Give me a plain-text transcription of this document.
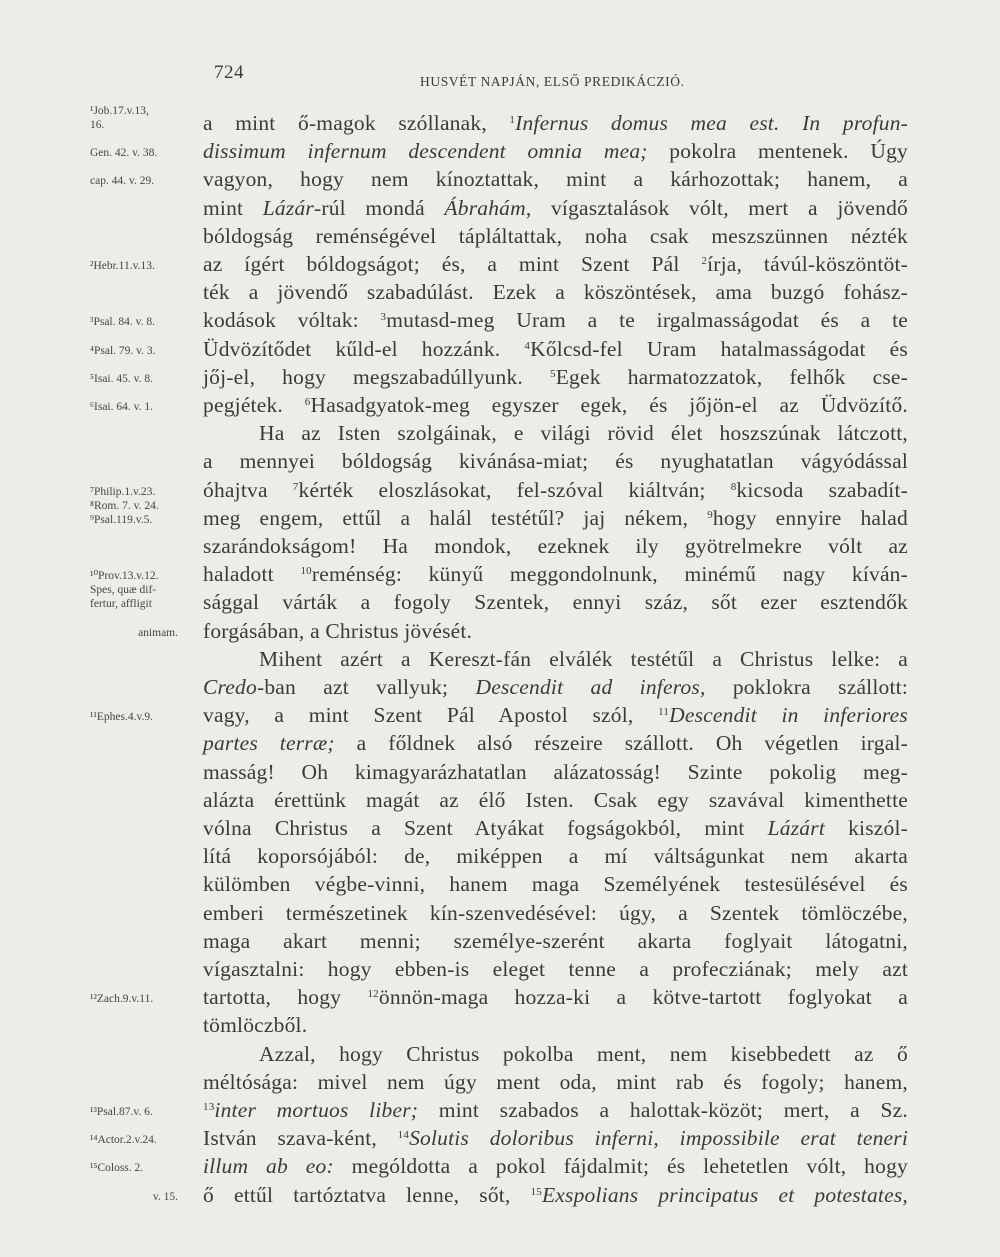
724	HUSVÉT NAPJÁN, ELSŐ PREDIKÁCZIÓ.
¹Job.17.v.13,
16.	a mint ő-magok szóllanak, $^1$Infernus domus mea est. In profun-
Gen. 42. v. 38. dissimum infernum descendent omnia mea; pokolra mentenek. Úgy
cap. 44. v. 29. vagyon, hogy nem kínoztattak, mint a kárhozottak; hanem, a
mint Lázár-rúl mondá Ábrahám, vígasztalások vólt, mert a jövendő
bóldogság reménségével tápláltattak, noha csak meszszünnen nézték
²Hebr.11.v.13. az ígért bóldogságot; és, a mint Szent Pál $^2$írja, távúl-köszöntöt-
ték a jövendő szabadúlást. Ezek a köszöntések, ama buzgó fohász-
³Psal. 84. v. 8. kodások vóltak: $^3$mutasd-meg Uram a te irgalmasságodat és a te
⁴Psal. 79. v. 3. Üdvözítődet kűld-el hozzánk. $^4$Kőlcsd-fel Uram hatalmasságodat és
⁵Isai. 45. v. 8. jőj-el, hogy megszabadúllyunk. $^5$Egek harmatozzatok, felhők cse-
⁶Isai. 64. v. 1. pegjétek. $^6$Hasadgyatok-meg egyszer egek, és jőjön-el az Üdvözítő.
Ha az Isten szolgáinak, e világi rövid élet hoszszúnak látczott,
a mennyei bóldogság kivánása-miat; és nyughatatlan vágyódással
⁷Philip.1.v.23. óhajtva $^7$kérték eloszlásokat, fel-szóval kiáltván; $^8$kicsoda szabadít-
⁸Rom. 7. v. 24.
⁹Psal.119.v.5. meg engem, ettűl a halál testétűl? jaj nékem, $^9$hogy ennyire halad
szarándokságom! Ha mondok, ezeknek ily gyötrelmekre vólt az
¹⁰Prov.13.v.12. haladott $^{10}$reménség: künyű meggondolnunk, minémű nagy kíván-
Spes, quæ dif-
fertur, affligit sággal várták a fogoly Szentek, ennyi száz, sőt ezer esztendők
animam. forgásában, a Christus jövését.
Mihent azért a Kereszt-fán elválék testétűl a Christus lelke: a
Credo-ban azt vallyuk; Descendit ad inferos, poklokra szállott:
¹¹Ephes.4.v.9. vagy, a mint Szent Pál Apostol szól, $^{11}$Descendit in inferiores
partes terræ; a főldnek alsó részeire szállott. Oh végetlen irgal-
masság! Oh kimagyarázhatatlan alázatosság! Szinte pokolig meg-
alázta érettünk magát az élő Isten. Csak egy szavával kimenthette
vólna Christus a Szent Atyákat fogságokból, mint Lázárt kiszól-
lítá koporsójából: de, miképpen a mí váltságunkat nem akarta
külömben végbe-vinni, hanem maga Személyének testesülésével és
emberi természetinek kín-szenvedésével: úgy, a Szentek tömlöczébe,
maga akart menni; személye-szerént akarta foglyait látogatni,
vígasztalni: hogy ebben-is eleget tenne a profecziának; mely azt
¹²Zach.9.v.11. tartotta, hogy $^{12}$önnön-maga hozza-ki a kötve-tartott foglyokat a
tömlöczből.
Azzal, hogy Christus pokolba ment, nem kisebbedett az ő
méltósága: mivel nem úgy ment oda, mint rab és fogoly; hanem,
¹³Psal.87.v. 6.	$^{13}$inter mortuos liber; mint szabados a halottak-közöt; mert, a Sz.
¹⁴Actor.2.v.24. István szava-ként, $^{14}$Solutis doloribus inferni, impossibile erat teneri
¹⁵Coloss. 2.	illum ab eo: mególdotta a pokol fájdalmit; és lehetetlen vólt, hogy
v. 15. ő ettűl tartóztatva lenne, sőt, $^{15}$Exspolians principatus et potestates,
